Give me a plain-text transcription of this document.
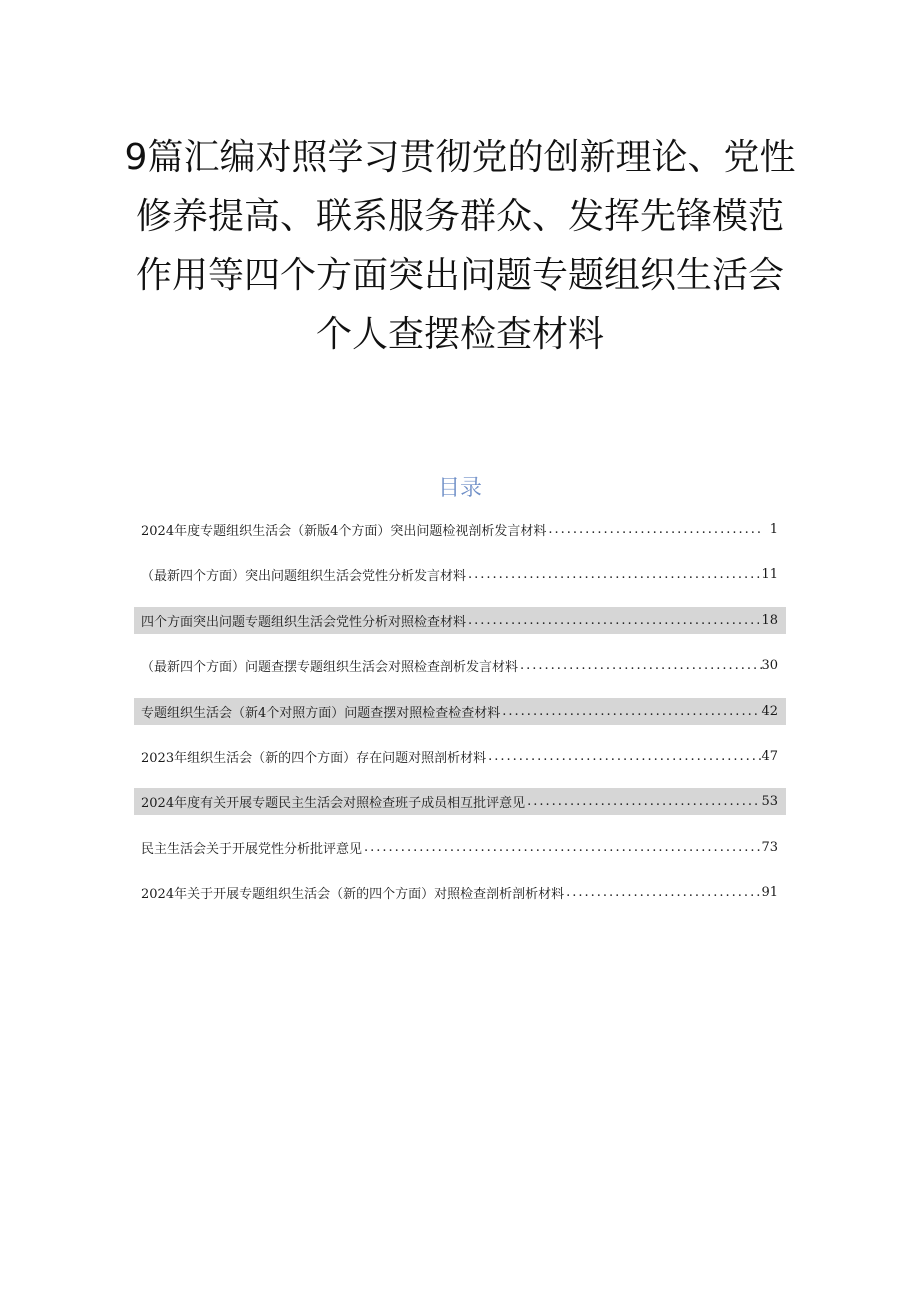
9篇汇编对照学习贯彻党的创新理论、党性
修养提高、联系服务群众、发挥先锋模范
作用等四个方面突出问题专题组织生活会
个人查摆检查材料
目录
2024年度专题组织生活会（新版4个方面）突出问题检视剖析发言材料 .....	1
（最新四个方面）突出问题组织生活会党性分析发言材料 .....	11
四个方面突出问题专题组织生活会党性分析对照检查材料 .....	18
（最新四个方面）问题查摆专题组织生活会对照检查剖析发言材料 .....	30
专题组织生活会（新4个对照方面）问题查摆对照检查检查材料 .....	42
2023年组织生活会（新的四个方面）存在问题对照剖析材料 .....	47
2024年度有关开展专题民主生活会对照检查班子成员相互批评意见 .....	53
民主生活会关于开展党性分析批评意见 .....	73
2024年关于开展专题组织生活会（新的四个方面）对照检查剖析剖析材料 .....	91
